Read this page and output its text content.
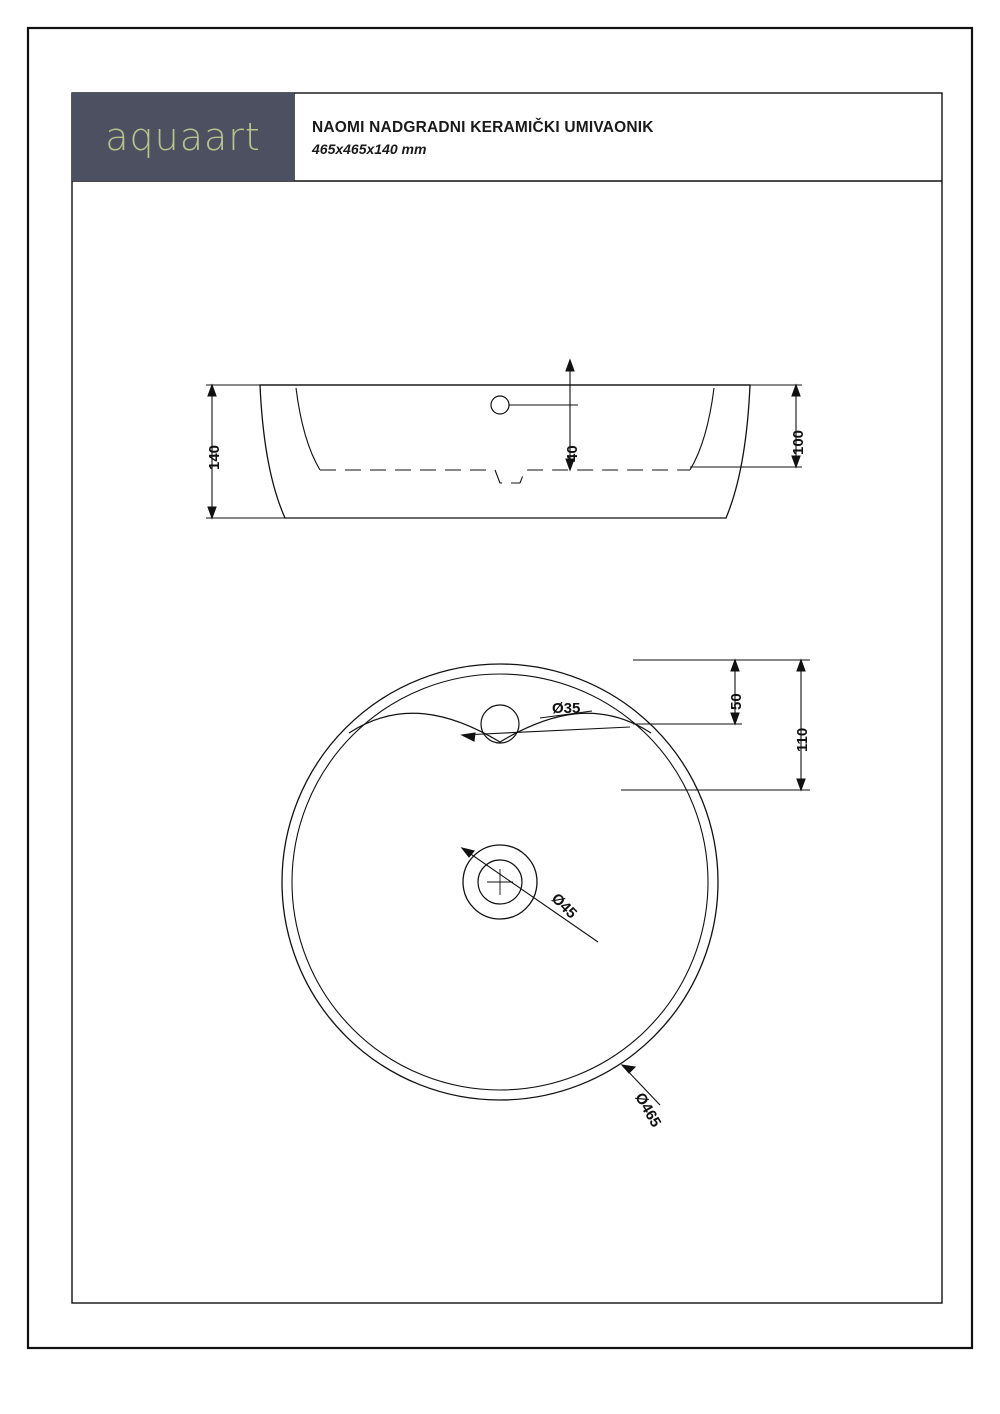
aquaart	NAOMI NADGRADNI KERAMIČKI UMIVAONIK
465x465x140 mm
140
100
40
Ø35
Ø45
Ø465
50
110
